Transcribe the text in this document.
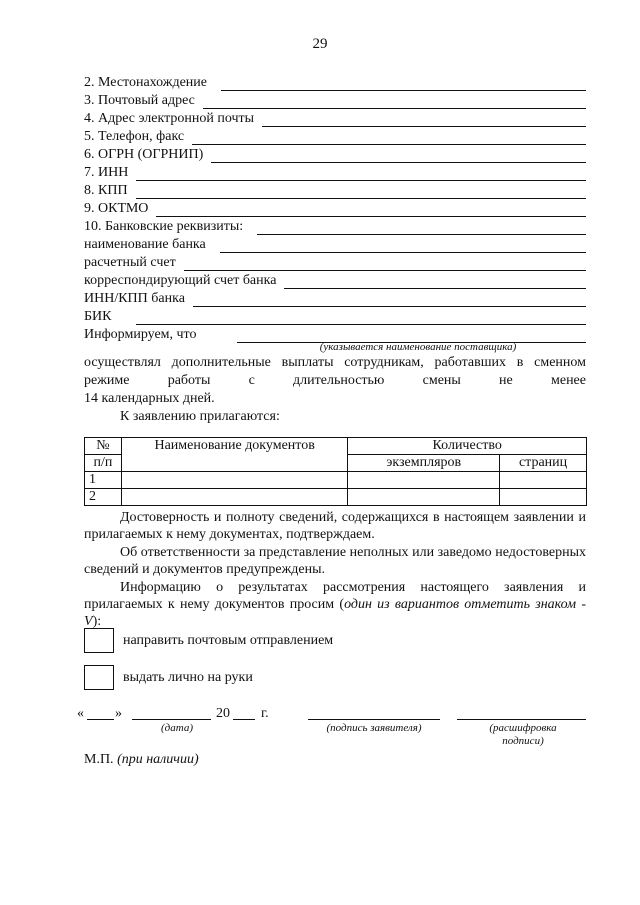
29
2. Местонахождение
3. Почтовый адрес
4. Адрес электронной почты
5. Телефон, факс
6. ОГРН (ОГРНИП)
7. ИНН
8. КПП
9. ОКТМО
10. Банковские реквизиты:
наименование банка
расчетный счет
корреспондирующий счет банка
ИНН/КПП банка
БИК
Информируем, что
(указывается наименование поставщика)
осуществлял дополнительные выплаты сотрудникам, работавших в сменном
режиме работы с длительностью смены не менее
14 календарных дней.
К заявлению прилагаются:
№	Наименование документов	Количество	
п/п		экземпляров	страниц
1			
2			
Достоверность и полноту сведений, содержащихся в настоящем заявлении и прилагаемых к нему документах, подтверждаем.
Об ответственности за представление неполных или заведомо недостоверных сведений и документов предупреждены.
Информацию о результатах рассмотрения настоящего заявления и прилагаемых к нему документов просим (один из вариантов отметить знаком - V):
направить почтовым отправлением
выдать лично на руки
« »	20 г.
(дата)	(подпись заявителя)	(расшифровка подписи)
М.П. (при наличии)
